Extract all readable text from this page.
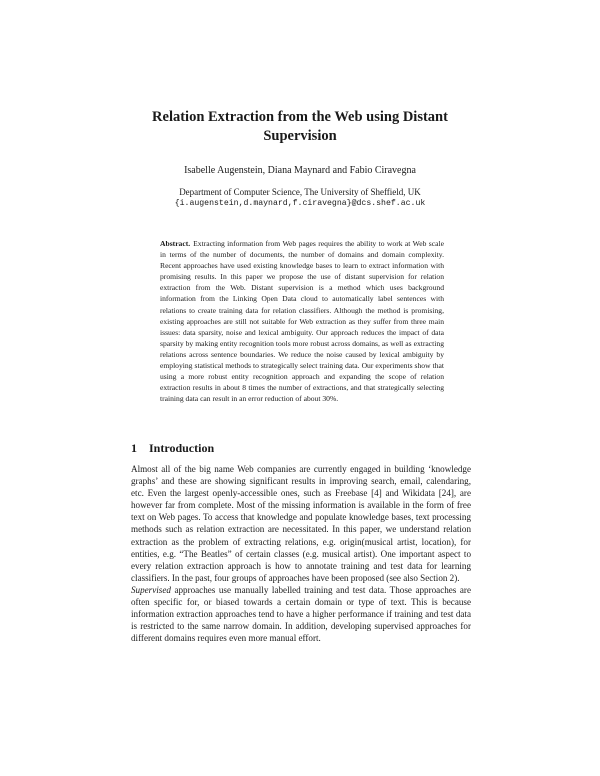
Relation Extraction from the Web using Distant Supervision
Isabelle Augenstein, Diana Maynard and Fabio Ciravegna
Department of Computer Science, The University of Sheffield, UK
{i.augenstein,d.maynard,f.ciravegna}@dcs.shef.ac.uk
Abstract. Extracting information from Web pages requires the ability to work at Web scale in terms of the number of documents, the number of domains and domain complexity. Recent approaches have used existing knowledge bases to learn to extract information with promising results. In this paper we propose the use of distant supervision for relation extraction from the Web. Distant supervision is a method which uses background information from the Linking Open Data cloud to automatically label sentences with relations to create training data for relation classifiers. Although the method is promising, existing approaches are still not suitable for Web extraction as they suffer from three main issues: data sparsity, noise and lexical ambiguity. Our approach reduces the impact of data sparsity by making entity recognition tools more robust across domains, as well as extracting relations across sentence boundaries. We reduce the noise caused by lexical ambiguity by employing statistical methods to strategically select training data. Our experiments show that using a more robust entity recognition approach and expanding the scope of relation extraction results in about 8 times the number of extractions, and that strategically selecting training data can result in an error reduction of about 30%.
1 Introduction

Almost all of the big name Web companies are currently engaged in building ‘knowledge graphs’ and these are showing significant results in improving search, email, calendaring, etc. Even the largest openly-accessible ones, such as Freebase [4] and Wikidata [24], are however far from complete. Most of the missing information is available in the form of free text on Web pages. To access that knowledge and populate knowledge bases, text processing methods such as relation extraction are necessitated. In this paper, we understand relation extraction as the problem of extracting relations, e.g. origin(musical artist, location), for entities, e.g. “The Beatles” of certain classes (e.g. musical artist). One important aspect to every relation extraction approach is how to annotate training and test data for learning classifiers. In the past, four groups of approaches have been proposed (see also Section 2).

Supervised approaches use manually labelled training and test data. Those approaches are often specific for, or biased towards a certain domain or type of text. This is because information extraction approaches tend to have a higher performance if training and test data is restricted to the same narrow domain. In addition, developing supervised approaches for different domains requires even more manual effort.
